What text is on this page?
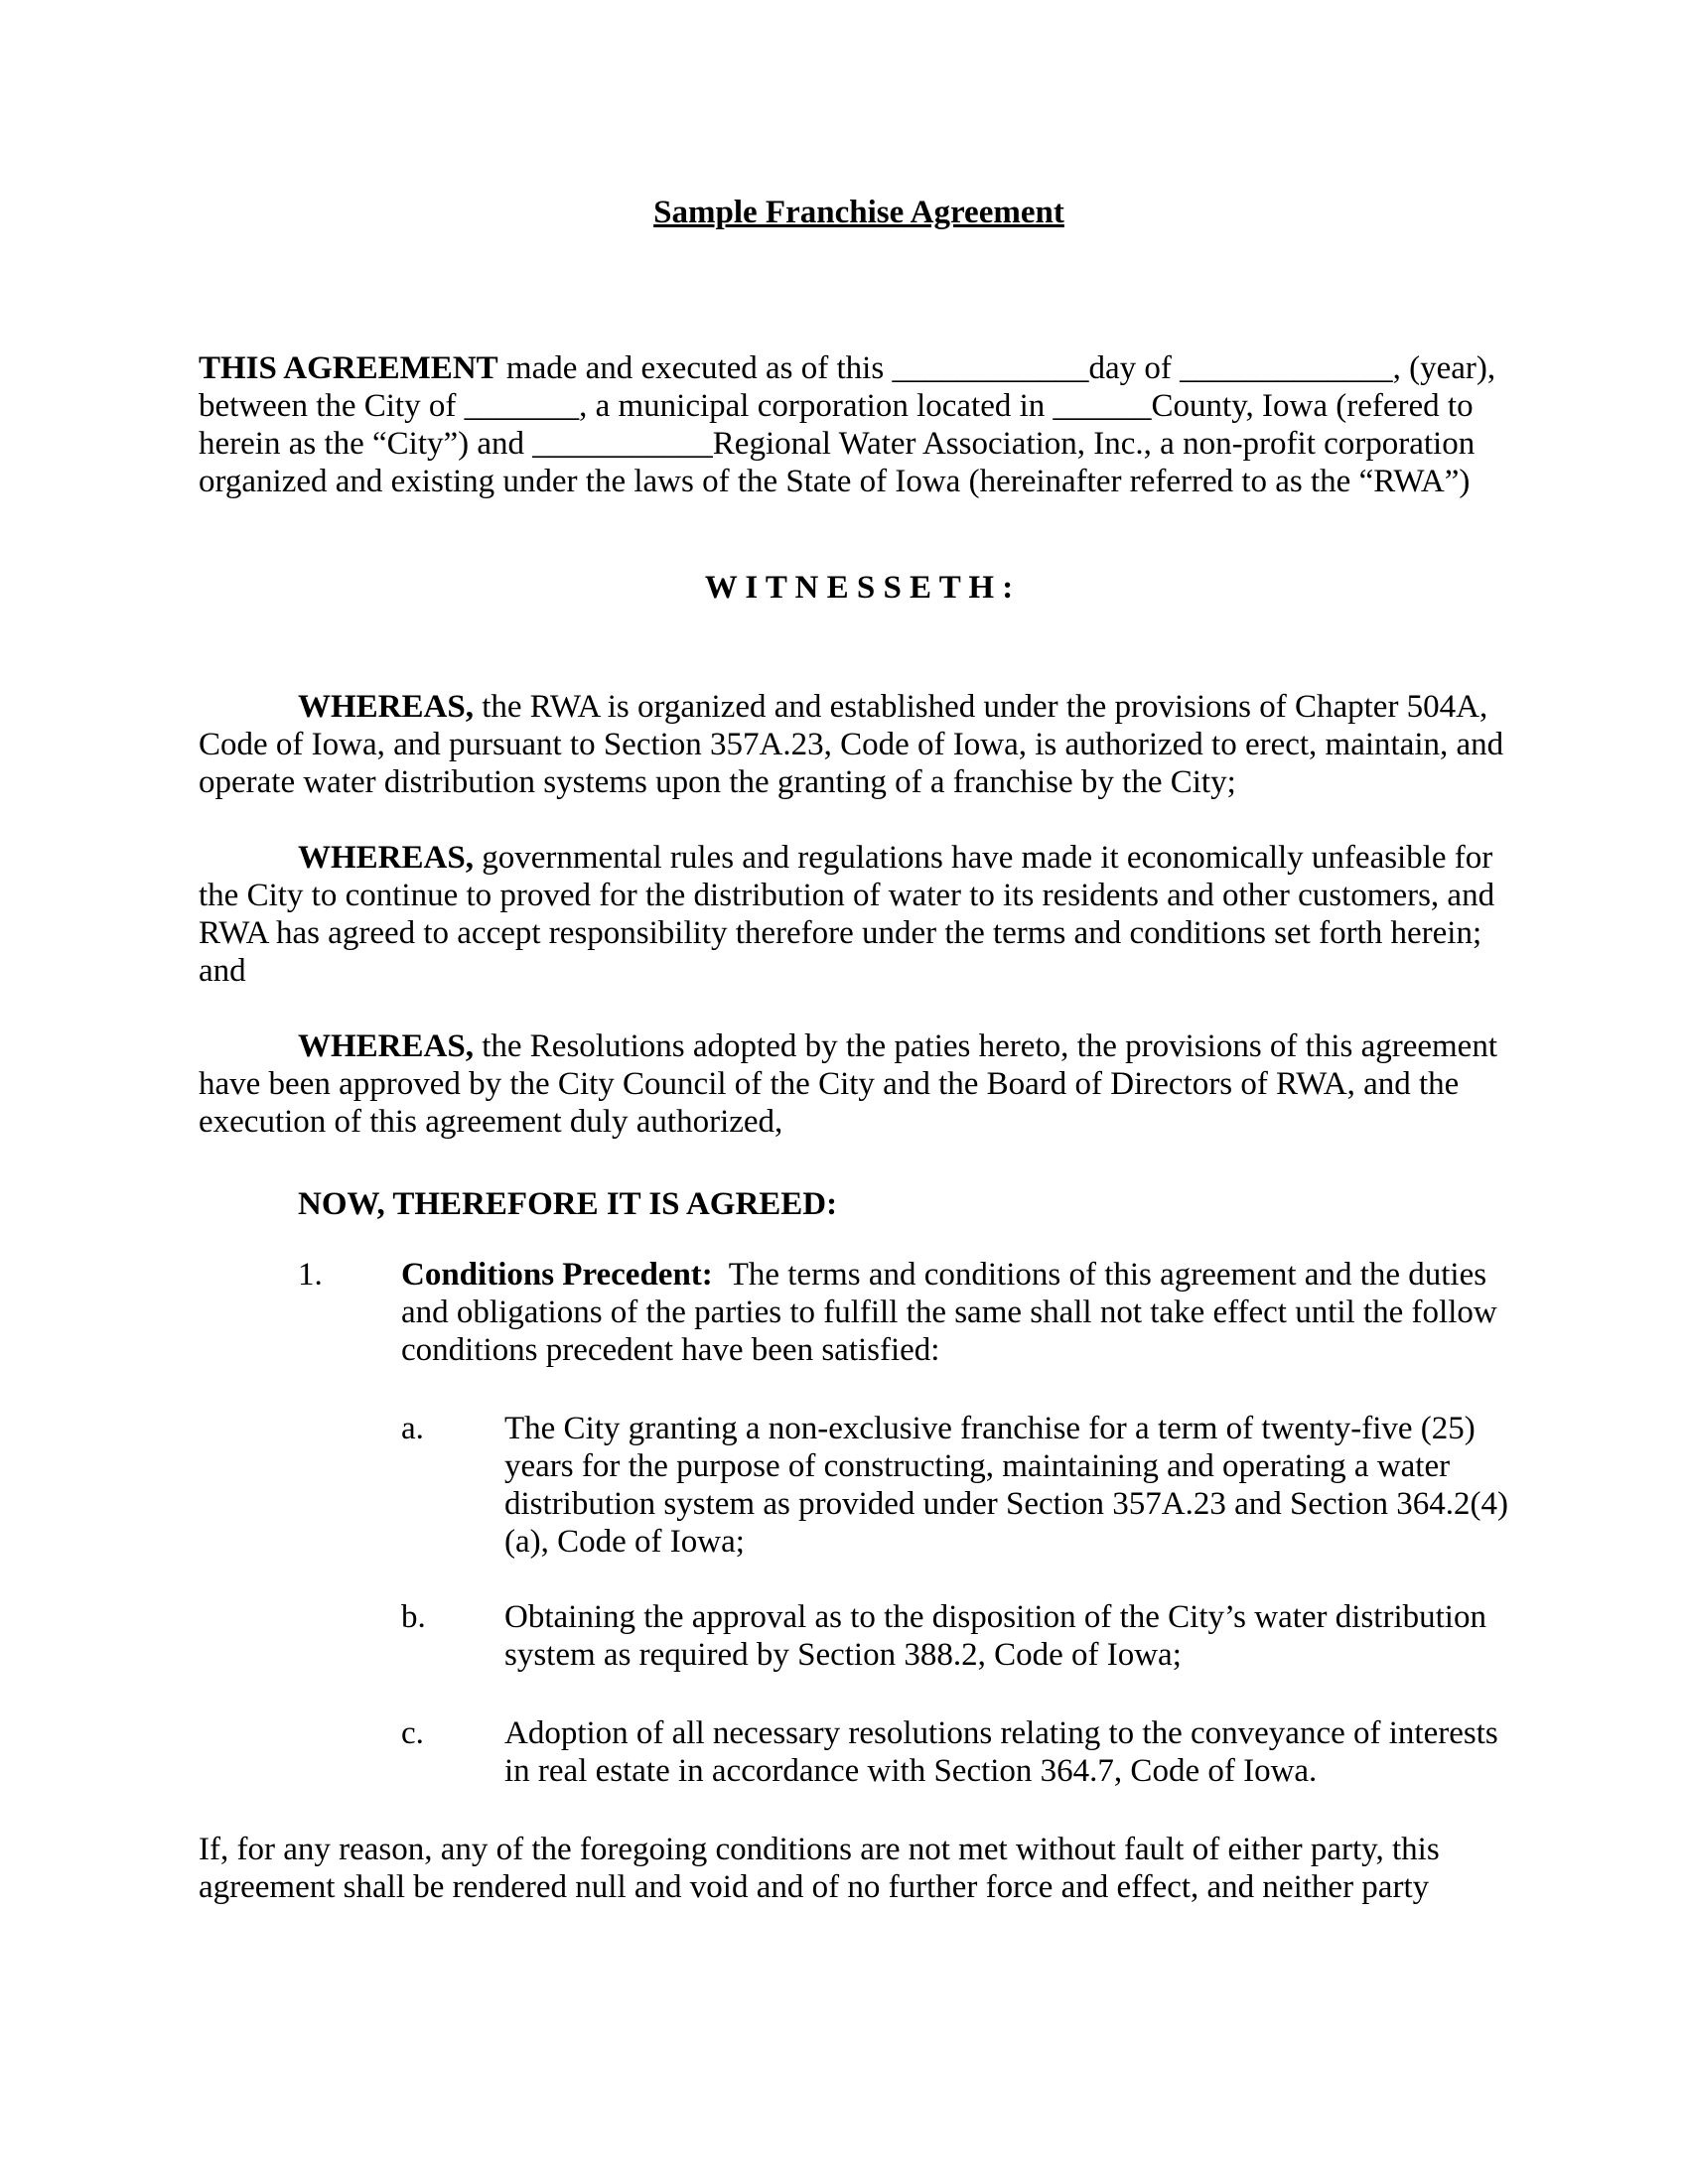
Sample Franchise Agreement

THIS AGREEMENT made and executed as of this ____________day of _____________, (year), between the City of _______, a municipal corporation located in ______County, Iowa (refered to herein as the “City”) and ___________Regional Water Association, Inc., a non-profit corporation organized and existing under the laws of the State of Iowa (hereinafter referred to as the “RWA”)

W I T N E S S E T H :

WHEREAS, the RWA is organized and established under the provisions of Chapter 504A, Code of Iowa, and pursuant to Section 357A.23, Code of Iowa, is authorized to erect, maintain, and operate water distribution systems upon the granting of a franchise by the City;

WHEREAS, governmental rules and regulations have made it economically unfeasible for the City to continue to proved for the distribution of water to its residents and other customers, and RWA has agreed to accept responsibility therefore under the terms and conditions set forth herein; and

WHEREAS, the Resolutions adopted by the paties hereto, the provisions of this agreement have been approved by the City Council of the City and the Board of Directors of RWA, and the execution of this agreement duly authorized,

NOW, THEREFORE IT IS AGREED:
1.	Conditions Precedent:  The terms and conditions of this agreement and the duties and obligations of the parties to fulfill the same shall not take effect until the follow conditions precedent have been satisfied:

a.	The City granting a non-exclusive franchise for a term of twenty-five (25) years for the purpose of constructing, maintaining and operating a water distribution system as provided under Section 357A.23 and Section 364.2(4)(a), Code of Iowa;

b.	Obtaining the approval as to the disposition of the City’s water distribution system as required by Section 388.2, Code of Iowa;

c.	Adoption of all necessary resolutions relating to the conveyance of interests in real estate in accordance with Section 364.7, Code of Iowa.

If, for any reason, any of the foregoing conditions are not met without fault of either party, this agreement shall be rendered null and void and of no further force and effect, and neither party
